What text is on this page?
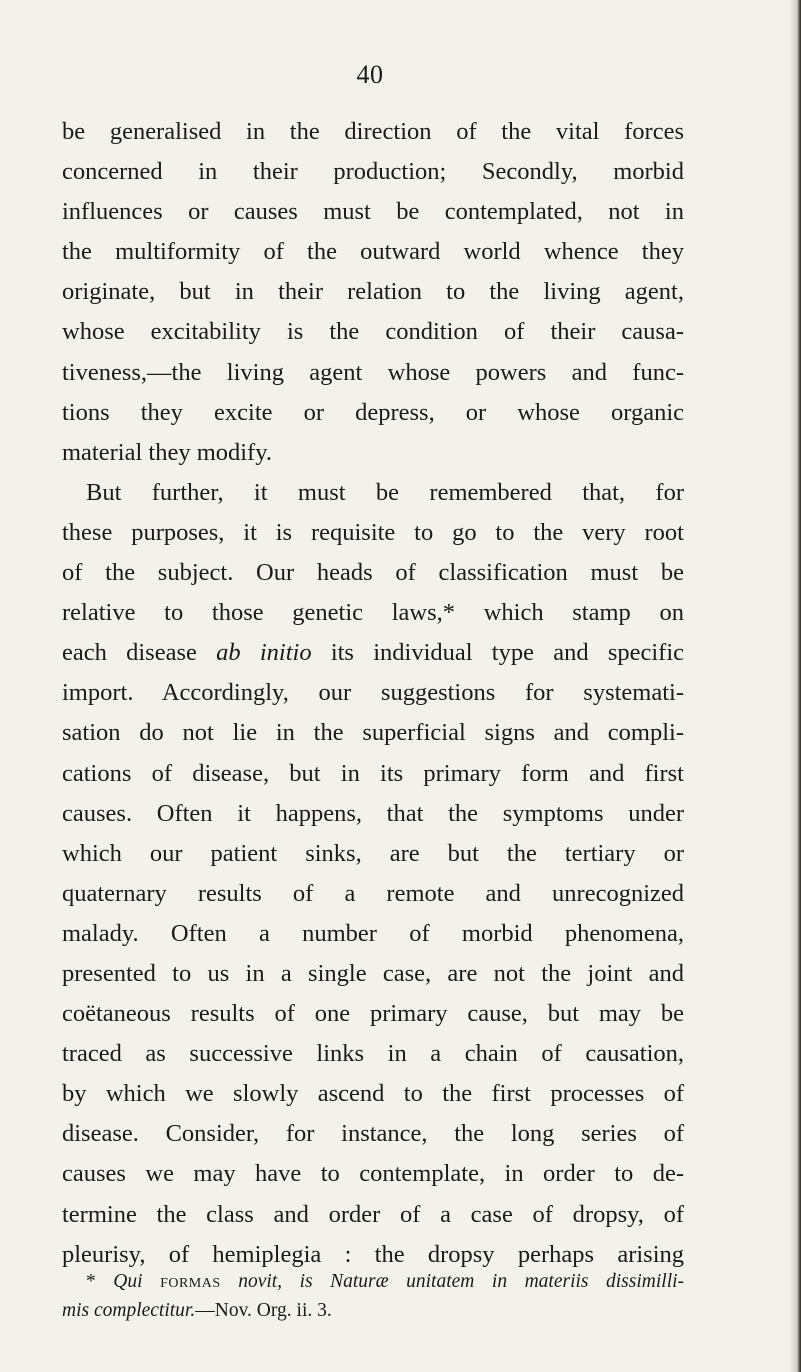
40
be generalised in the direction of the vital forces
concerned in their production; Secondly, morbid
influences or causes must be contemplated, not in
the multiformity of the outward world whence they
originate, but in their relation to the living agent,
whose excitability is the condition of their causa-
tiveness,—the living agent whose powers and func-
tions they excite or depress, or whose organic
material they modify.
But further, it must be remembered that, for
these purposes, it is requisite to go to the very root
of the subject. Our heads of classification must be
relative to those genetic laws,* which stamp on
each disease ab initio its individual type and specific
import. Accordingly, our suggestions for systemati-
sation do not lie in the superficial signs and compli-
cations of disease, but in its primary form and first
causes. Often it happens, that the symptoms under
which our patient sinks, are but the tertiary or
quaternary results of a remote and unrecognized
malady. Often a number of morbid phenomena,
presented to us in a single case, are not the joint and
coëtaneous results of one primary cause, but may be
traced as successive links in a chain of causation,
by which we slowly ascend to the first processes of
disease. Consider, for instance, the long series of
causes we may have to contemplate, in order to de-
termine the class and order of a case of dropsy, of
pleurisy, of hemiplegia : the dropsy perhaps arising
* Qui formas novit, is Naturæ unitatem in materiis dissimilli-
mis complectitur.—Nov. Org. ii. 3.
